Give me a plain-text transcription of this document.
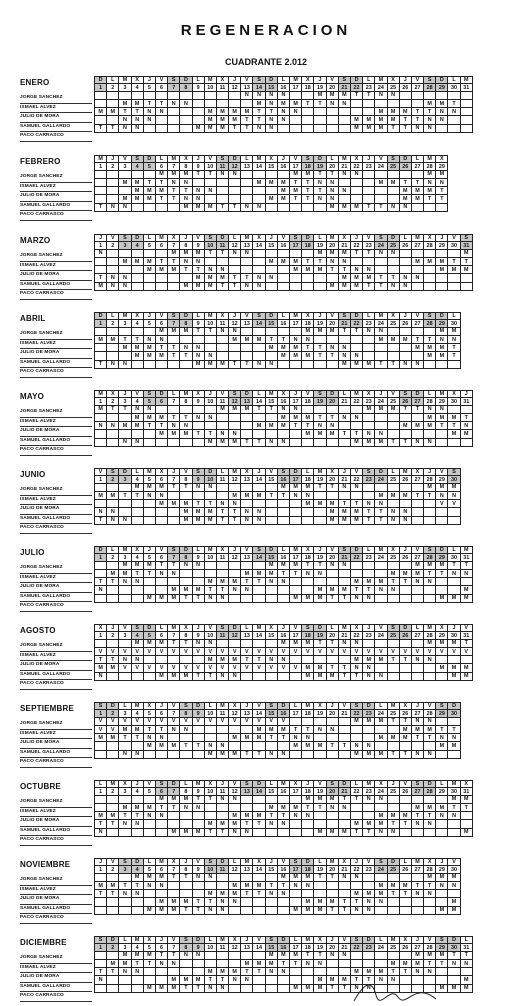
REGENERACION
CUADRANTE 2.012
ENERO
JORGE SANCHEZ
ISMAEL ALVEZ
JULIO DE MORA
SAMUEL GALLARDO
PACO CARRASCO
D	L	M	X	J	V	S	D	L	M	X	J	V	S	D	L	M	X	J	V	S	D	L	M	X	J	V	S	D	L	M
1	2	3	4	5	6	7	8	9	10	11	12	13	14	15	16	17	18	19	20	21	22	23	24	25	26	27	28	29	30	31
												N	N	N	N			M	M	M	T	T	N	N						
		M	M	T	T	N	N						M	N	M	M	T	T	N	N							M	M	T	
M	M	T	T	N	N				M	M	M	M	T	T	N	N							M	M	M	T	T	N	N	
		N	N	N					M	M	M	T	T	N	N						M	M	M	M	T	T	N	N		
T	T	N	N					M	M	M	T	T	N	N							M	M	M	T	T	N	N			
FEBRERO
JORGE SANCHEZ
ISMAEL ALVEZ
JULIO DE MORA
SAMUEL GALLARDO
PACO CARRASCO
M	J	V	S	D	L	M	X	J	V	S	D	L	M	X	J	V	S	D	L	M	X	J	V	S	D	L	M	X
1	2	3	4	5	6	7	8	9	10	11	12	13	14	15	16	17	18	19	20	21	22	23	24	25	26	27	28	29
					M	M	M	T	T	N	N					M	M	T	T	N	N						M	M
		M	M	T	T	N	N						M	M	M	T	T	N	N				M	M	T	T	N	N
			M	M	M	T	T	N	N						M	M	T	T	N	N					M	M	M	T
		M	M	M	T	T	N	N						M	M	T	T	N	N						M	M	T	T
T	N	N					M	M	M	T	T	N	N						M	M	M	T	T	N	N			
MARZO
JORGE SANCHEZ
ISMAEL ALVEZ
JULIO DE MORA
SAMUEL GALLARDO
PACO CARRASCO
J	V	S	D	L	M	X	J	V	S	D	L	M	X	J	V	S	D	L	M	X	J	V	S	D	L	M	X	J	V	S
1	2	3	4	5	6	7	8	9	10	11	12	13	14	15	16	17	18	19	20	21	22	23	24	25	26	27	28	29	30	31
N						M	M	M	T	T	N	N						M	M	M	T	T	N	N						M
		M	M	M	T	T	N	N						M	M	M	T	T	N	N						M	M	M	T	T
				M	M	M	T	T	N	N						M	M	M	T	T	N	N						M	M	M
T	N	N						M	M	M	T	T	N	N						M	M	M	T	T	N	N				
M	N	N					M	M	M	T	T	N	N						M	M	M	T	T	N	N					
ABRIL
JORGE SANCHEZ
ISMAEL ALVEZ
JULIO DE MORA
SAMUEL GALLARDO
PACO CARRASCO
D	L	M	X	J	V	S	D	L	M	X	J	V	S	D	L	M	X	J	V	S	D	L	M	X	J	V	S	D	L
1	2	3	4	5	6	7	8	9	10	11	12	13	14	15	16	17	18	19	20	21	22	23	24	25	26	27	28	29	30
					M	M	M	T	T	N	N						M	M	M	T	T	N	N					M	M
M	M	T	T	N	N						M	M	M	T	T	N	N						M	M	M	T	T	N	N
		M	M	M	T	T	N	N						M	M	M	T	T	N	N						M	M	M	T
			M	M	M	T	T	N	N						M	M	M	T	T	N	N						M	M	T
T	N	N						M	M	M	T	T	N	N						M	M	M	T	T	N	N			
MAYO
JORGE SANCHEZ
ISMAEL ALVEZ
JULIO DE MORA
SAMUEL GALLARDO
PACO CARRASCO
M	X	J	V	S	D	L	M	X	J	V	S	D	L	M	X	J	V	S	D	L	M	X	J	V	S	D	L	M	X	J
1	2	3	4	5	6	7	8	9	10	11	12	13	14	15	16	17	18	19	20	21	22	23	24	25	26	27	28	29	30	31
M	T	T	N	N						M	M	M	T	T	N	N						M	M	M	T	T	N	N		
			M	M	M	T	T	N	N						M	M	M	T	T	N	N						M	M	M	T
N	N	M	M	T	T	N	N						M	M	M	T	T	N	N						M	M	M	T	T	N
					M	M	M	T	T	N	N						M	M	M	T	T	N	N						M	M
		N	N						M	M	M	T	T	N	N						M	M	M	T	T	N	N			
JUNIO
JORGE SANCHEZ
ISMAEL ALVEZ
JULIO DE MORA
SAMUEL GALLARDO
PACO CARRASCO
V	S	D	L	M	X	J	V	S	D	L	M	X	J	V	S	D	L	M	X	J	V	S	D	L	M	X	J	V	S
1	2	3	4	5	6	7	8	9	10	11	12	13	14	15	16	17	18	19	20	21	22	23	24	25	26	27	28	29	30
			M	M	M	T	T	N	N						M	M	M	T	T	N	N						M	M	M
M	M	T	T	N	N						M	M	M	T	T	N	N						M	M	M	T	T	N	N
					M	M	M	T	T	N	N						M	M	M	T	T	N	N					V	V
N	N						M	M	M	T	T	N	N						M	M	M	T	T	N	N				
T	N	N					M	M	M	T	T	N	N						M	M	M	T	T	N	N				
JULIO
JORGE SANCHEZ
ISMAEL ALVEZ
JULIO DE MORA
SAMUEL GALLARDO
PACO CARRASCO
D	L	M	X	J	V	S	D	L	M	X	J	V	S	D	L	M	X	J	V	S	D	L	M	X	J	V	S	D	L	M
1	2	3	4	5	6	7	8	9	10	11	12	13	14	15	16	17	18	19	20	21	22	23	24	25	26	27	28	29	30	31
		M	M	M	T	T	N	N						M	M	M	T	T	N	N						M	M	M	T	T
	M	M	T	T	N	N						M	M	M	T	T	N	N						M	M	M	T	T	N	N
T	T	N	N						M	M	M	T	T	N	N						M	M	M	T	T	N	N			
N						M	M	M	T	T	N	N						M	M	M	T	T	N	N						M
				M	M	M	T	T	N	N						M	M	M	T	T	N	N						M	M	M
AGOSTO
JORGE SANCHEZ
ISMAEL ALVEZ
JULIO DE MORA
SAMUEL GALLARDO
PACO CARRASCO
X	J	V	S	D	L	M	X	J	V	S	D	L	M	X	J	V	S	D	L	M	X	J	V	S	D	L	M	X	J	V
1	2	3	4	5	6	7	8	9	10	11	12	13	14	15	16	17	18	19	20	21	22	23	24	25	26	27	28	29	30	31
			M	M	M	T	T	N	N						M	M	M	T	T	N	N						M	M	M	T
V	V	V	V	V	V	V	V	V	V	V	V	V	V	V	V	V	V	V	V	V	V	V	V	V	V	V	V	V	V	V
T	T	N	N						M	M	M	T	T	N	N						M	M	M	T	T	N	N			
M	M	V	V	V	V	V	V	V	V	V	V	V	V	V	V	V	M	M	T	T	N	N						M	M	M
N					M	M	M	T	T	N	N						M	M	M	T	T	N	N						M	M
SEPTIEMBRE
JORGE SANCHEZ
ISMAEL ALVEZ
JULIO DE MORA
SAMUEL GALLARDO
PACO CARRASCO
S	D	L	M	X	J	V	S	D	L	M	X	J	V	S	D	L	M	X	J	V	S	D	L	M	X	J	V	S	D
1	2	3	4	5	6	7	8	9	10	11	12	13	14	15	16	17	18	19	20	21	22	23	24	25	26	27	28	29	30
V	V	V	V	V	V	V	V	V	V	V	V	V	V	V	V						M	M	M	T	T	N	N		
V	V	M	M	T	T	N	N						M	M	M	T	T	N	N						M	M	M	T	T
M	M	T	T	N	N						M	M	M	T	T	N	N						M	M	M	T	T	N	N
				M	M	M	T	T	N	N						M	M	M	T	T	N	N						M	M
		N	N						M	M	M	T	T	N	N						M	M	M	T	T	N	N		
OCTUBRE
JORGE SANCHEZ
ISMAEL ALVEZ
JULIO DE MORA
SAMUEL GALLARDO
PACO CARRASCO
L	M	X	J	V	S	D	L	M	X	J	V	S	D	L	M	X	J	V	S	D	L	M	X	J	V	S	D	L	M	X
1	2	3	4	5	6	7	8	9	10	11	12	13	14	15	16	17	18	19	20	21	22	23	24	25	26	27	28	29	30	31
					M	M	M	T	T	N	N						M	M	M	T	T	N	N						M	M
		M	M	M	T	T	N	N						M	M	M	T	T	N	N						M	M	M	T	T
M	M	T	T	N	N						M	M	M	T	T	N	N						M	M	M	T	T	N	N	
T	T	N	N						M	M	M	T	T	N	N						M	M	M	T	T	N	N			
N						M	M	M	T	T	N	N						M	M	M	T	T	N	N						M
NOVIEMBRE
JORGE SANCHEZ
ISMAEL ALVEZ
JULIO DE MORA
SAMUEL GALLARDO
PACO CARRASCO
J	V	S	D	L	M	X	J	V	S	D	L	M	X	J	V	S	D	L	M	X	J	V	S	D	L	M	X	J	V
1	2	3	4	5	6	7	8	9	10	11	12	13	14	15	16	17	18	19	20	21	22	23	24	25	26	27	28	29	30
			M	M	M	T	T	N	N						M	M	M	T	T	N	N						M	M	M
M	M	T	T	N	N						M	M	M	T	T	N	N						M	M	M	T	T	N	N
T	T	N	N						M	M	M	T	T	N	N						M	M	M	T	T	N	N		
					M	M	M	T	T	N	N						M	M	M	T	T	N	N						M
				M	M	M	T	T	N	N						M	M	M	T	T	N	N						M	M
DICIEMBRE
JORGE SANCHEZ
ISMAEL ALVEZ
JULIO DE MORA
SAMUEL GALLARDO
PACO CARRASCO
S	D	L	M	X	J	V	S	D	L	M	X	J	V	S	D	L	M	X	J	V	S	D	L	M	X	J	V	S	D	L
1	2	3	4	5	6	7	8	9	10	11	12	13	14	15	16	17	18	19	20	21	22	23	24	25	26	27	28	29	30	31
		M	M	M	T	T	N	N						M	M	M	T	T	N	N						M	M	M	T	T
	M	M	T	T	N	N						M	M	M	T	T	N	N						M	M	M	T	T	N	N
T	T	N	N						M	M	M	T	T	N	N						M	M	M	T	T	N	N			
N						M	M	M	T	T	N	N						M	M	M	T	T	N	N						M
				M	M	M	T	T	N	N						M	M	M	T	T	N	N						M	M	M
